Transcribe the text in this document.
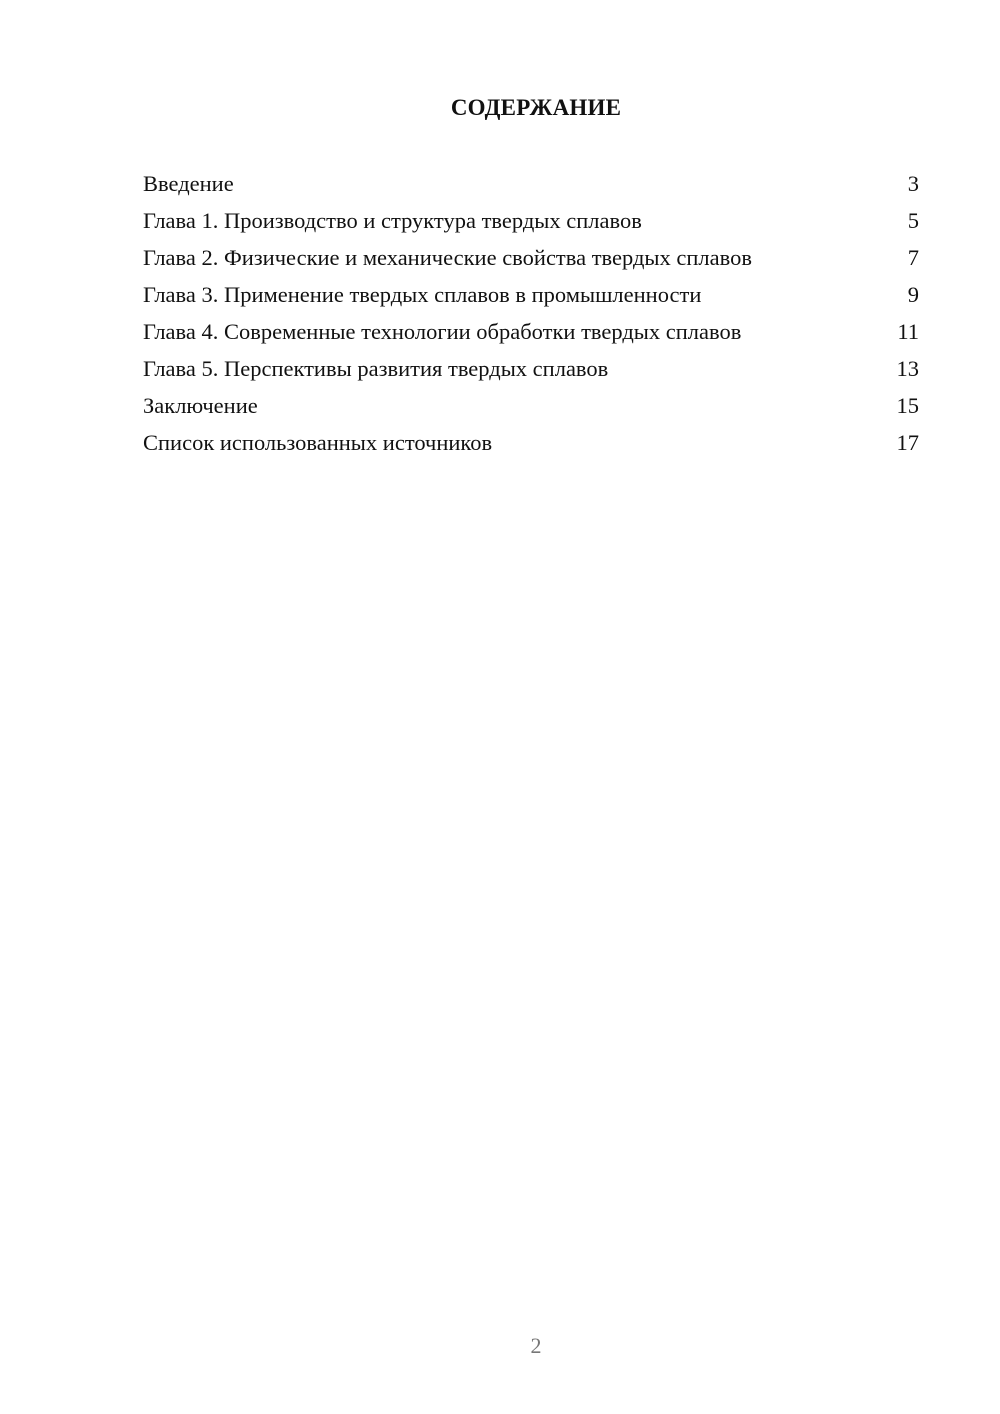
СОДЕРЖАНИЕ
Введение	3
Глава 1. Производство и структура твердых сплавов	5
Глава 2. Физические и механические свойства твердых сплавов	7
Глава 3. Применение твердых сплавов в промышленности	9
Глава 4. Современные технологии обработки твердых сплавов	11
Глава 5. Перспективы развития твердых сплавов	13
Заключение	15
Список использованных источников	17
2
